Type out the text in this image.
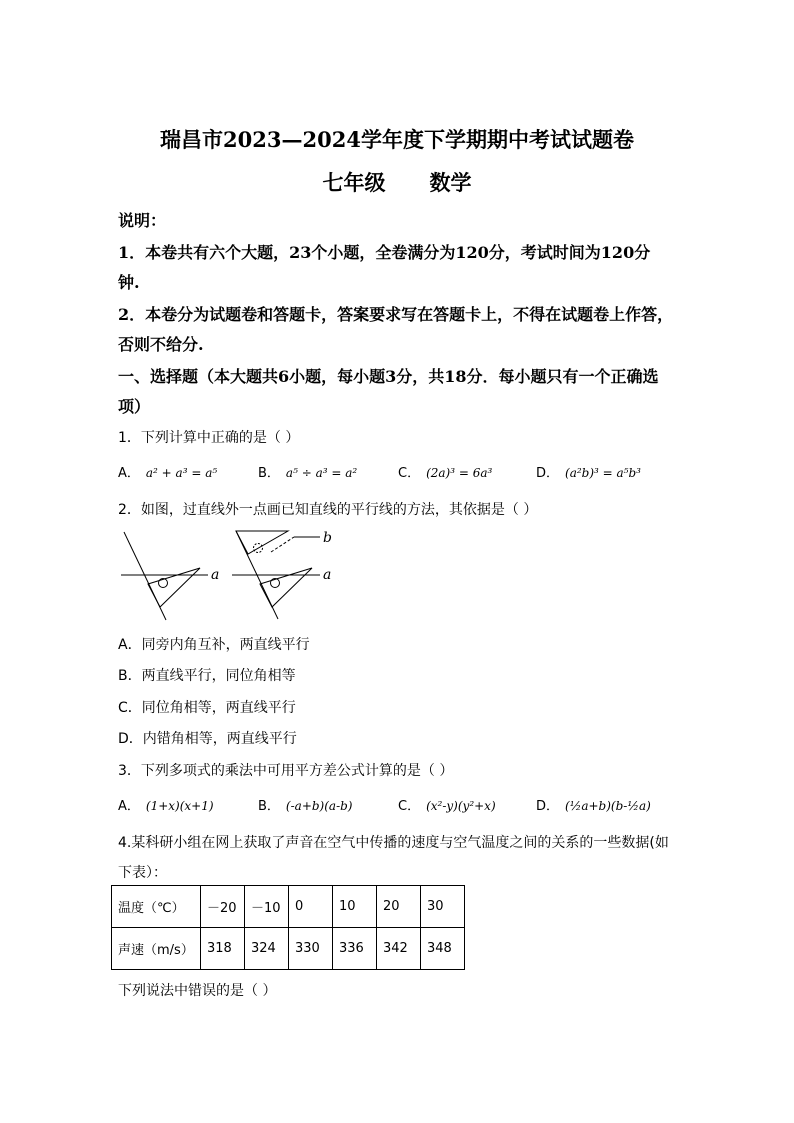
瑞昌市2023—2024学年度下学期期中考试试题卷
七年级 数学
说明：
1．本卷共有六个大题，23个小题，全卷满分为120分，考试时间为120分
钟.
2．本卷分为试题卷和答题卡，答案要求写在答题卡上，不得在试题卷上作答，
否则不给分.
一、选择题（本大题共6小题，每小题3分，共18分．每小题只有一个正确选
项）
1．下列计算中正确的是（ ）
A． a² + a³ = a⁵	B． a⁵ ÷ a³ = a²	C． (2a)³ = 6a³	D． (a²b)³ = a⁵b³
2．如图，过直线外一点画已知直线的平行线的方法，其依据是（ ）
a
b
a
A．同旁内角互补，两直线平行
B．两直线平行，同位角相等
C．同位角相等，两直线平行
D．内错角相等，两直线平行
3．下列多项式的乘法中可用平方差公式计算的是（ ）
A． (1+x)(x+1)	B． (-a+b)(a-b)	C． (x²-y)(y²+x)	D． (½a+b)(b-½a)
4.某科研小组在网上获取了声音在空气中传播的速度与空气温度之间的关系的一些数据(如
下表）：
温度（℃）	－20	－10	0	10	20	30
声速（m/s）	318	324	330	336	342	348
下列说法中错误的是（ ）
